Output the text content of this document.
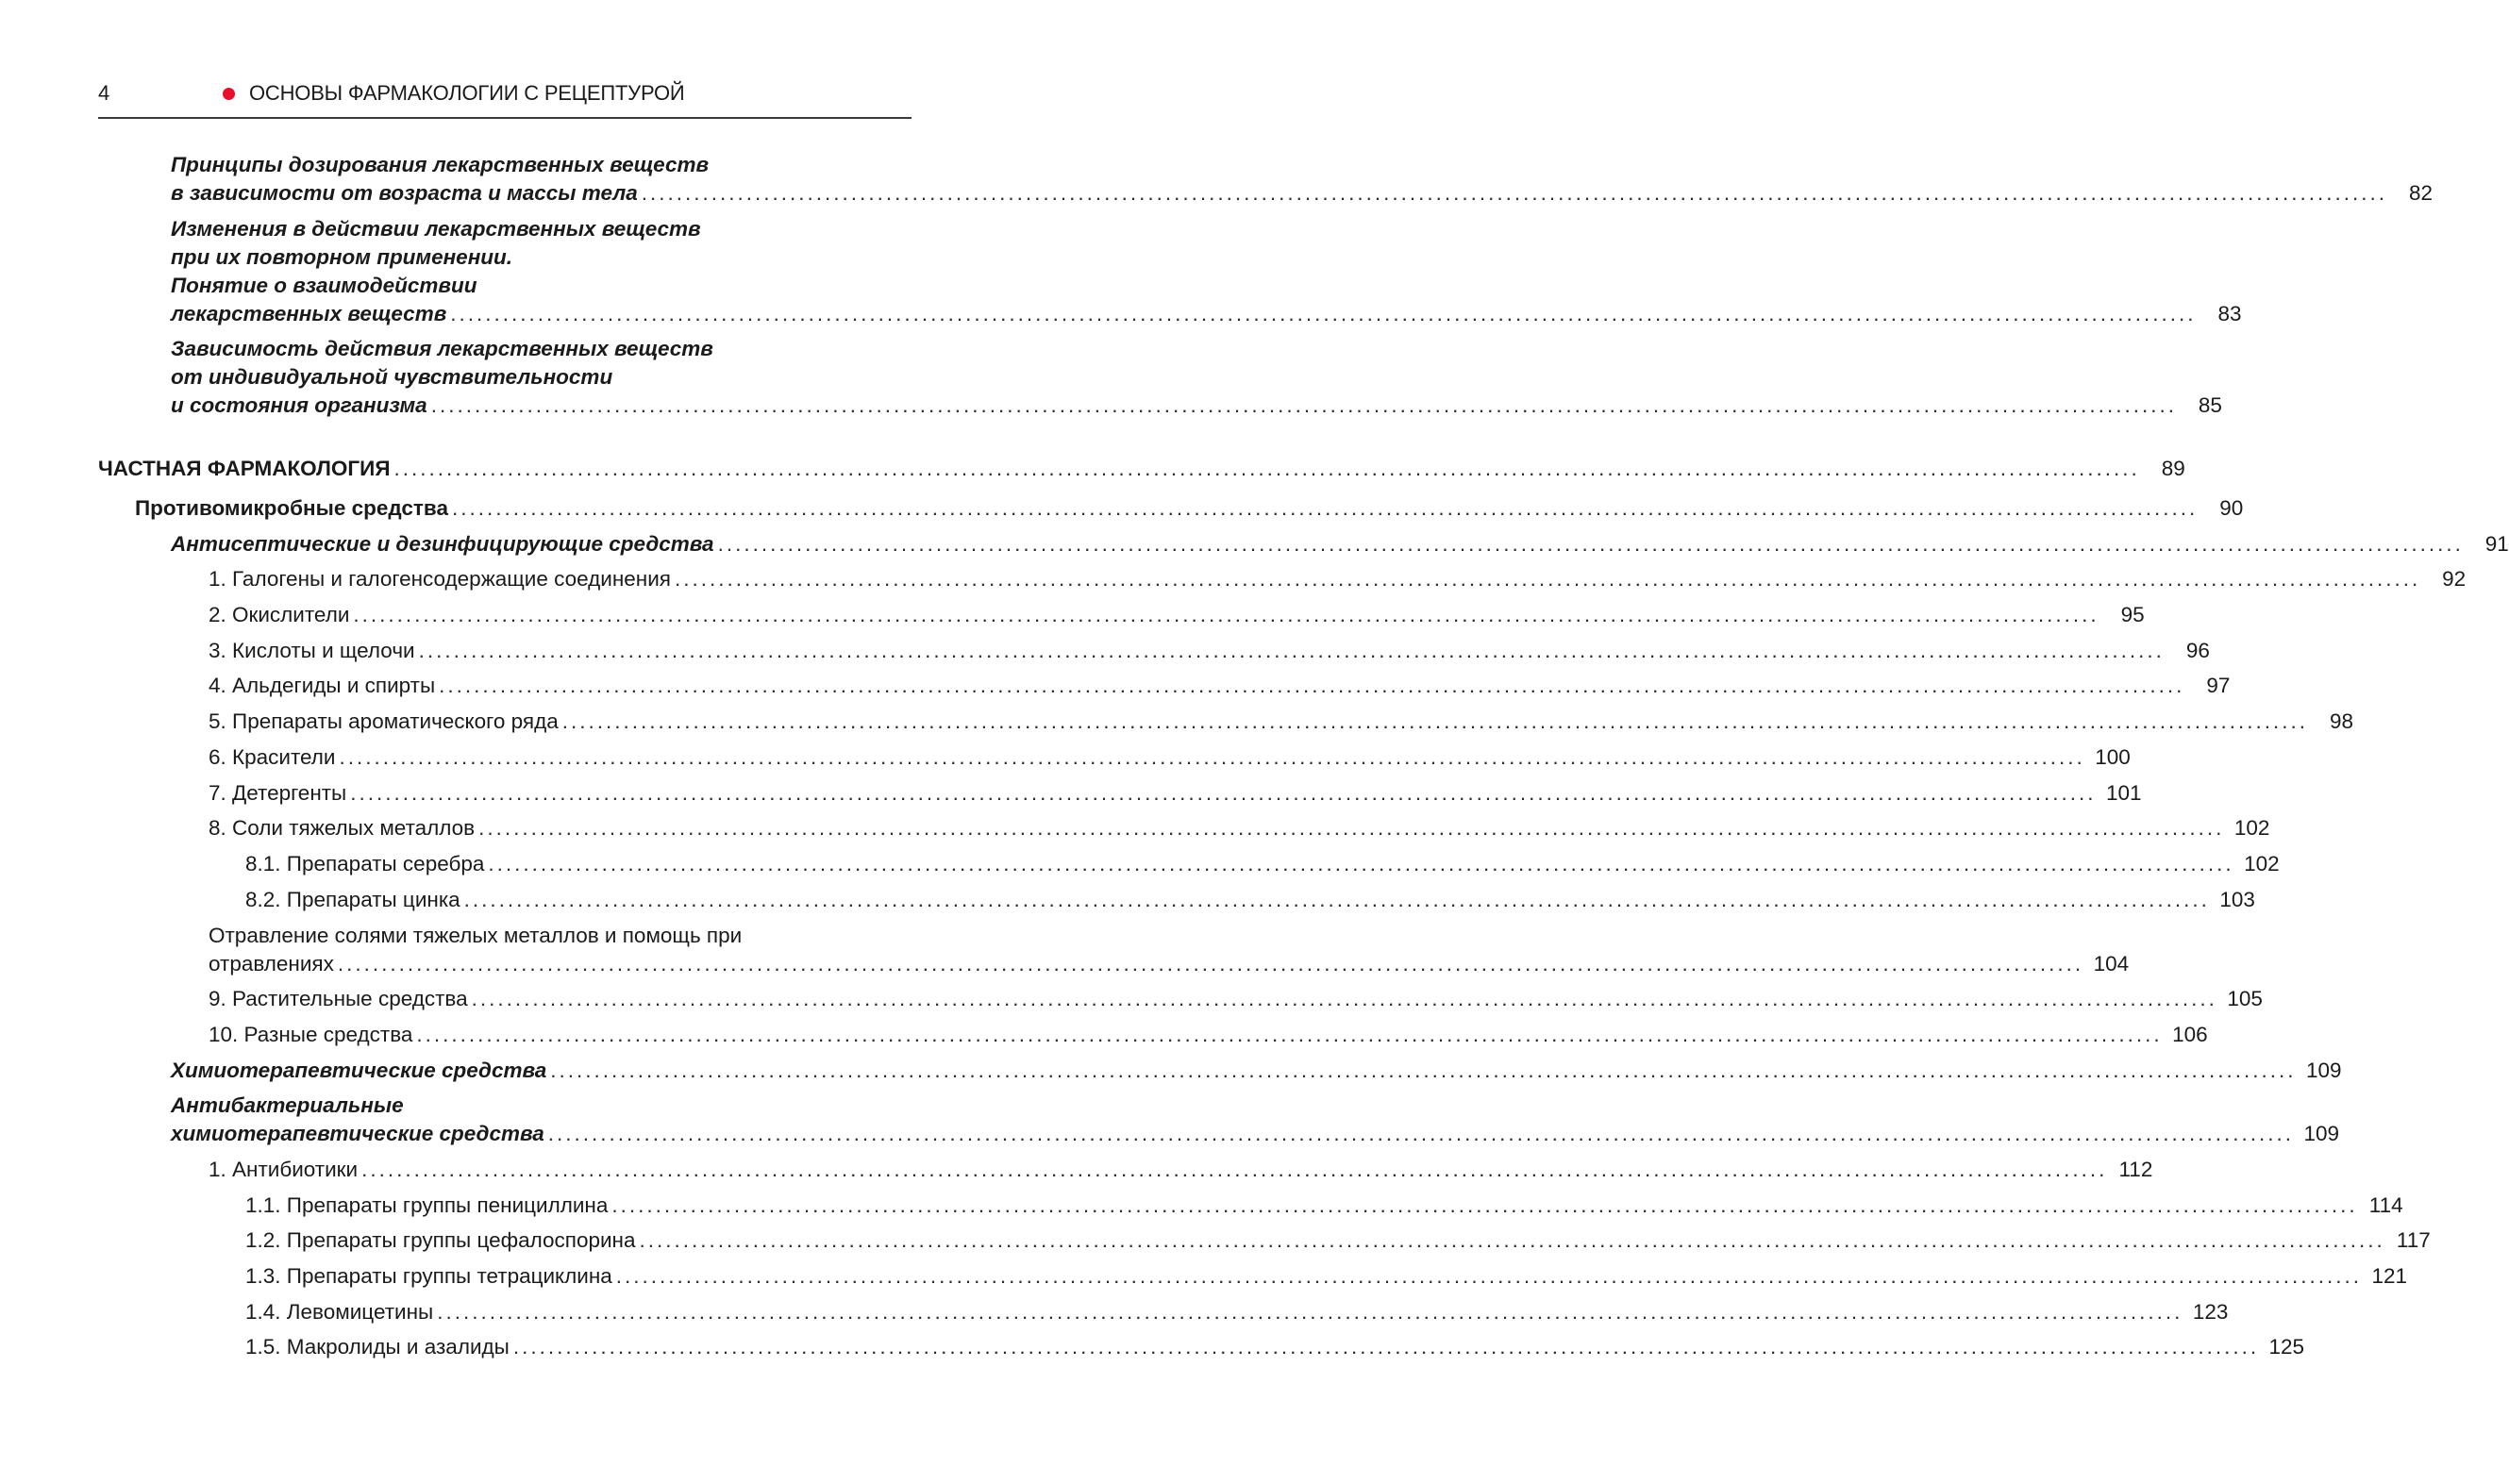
4	ОСНОВЫ ФАРМАКОЛОГИИ С РЕЦЕПТУРОЙ
Принципы дозирования лекарственных веществ
в зависимости от возраста и массы тела ........................................................................................................................................................................................................	82
Изменения в действии лекарственных веществ
при их повторном применении.
Понятие о взаимодействии
лекарственных веществ ........................................................................................................................................................................................................	83
Зависимость действия лекарственных веществ
от индивидуальной чувствительности
и состояния организма ........................................................................................................................................................................................................	85
ЧАСТНАЯ ФАРМАКОЛОГИЯ ........................................................................................................................................................................................................	89
Противомикробные средства ........................................................................................................................................................................................................	90
Антисептические и дезинфицирующие средства ........................................................................................................................................................................................................	91
1. Галогены и галогенсодержащие соединения ........................................................................................................................................................................................................	92
2. Окислители ........................................................................................................................................................................................................	95
3. Кислоты и щелочи ........................................................................................................................................................................................................	96
4. Альдегиды и спирты ........................................................................................................................................................................................................	97
5. Препараты ароматического ряда ........................................................................................................................................................................................................	98
6. Красители ........................................................................................................................................................................................................ 100
7. Детергенты ........................................................................................................................................................................................................ 101
8. Соли тяжелых металлов ........................................................................................................................................................................................................ 102
8.1. Препараты серебра ........................................................................................................................................................................................................ 102
8.2. Препараты цинка ........................................................................................................................................................................................................ 103
Отравление солями тяжелых металлов и помощь при
отравлениях ........................................................................................................................................................................................................ 104
9. Растительные средства ........................................................................................................................................................................................................ 105
10. Разные средства ........................................................................................................................................................................................................ 106
Химиотерапевтические средства ........................................................................................................................................................................................................ 109
Антибактериальные
химиотерапевтические средства ........................................................................................................................................................................................................ 109
1. Антибиотики ........................................................................................................................................................................................................ 112
1.1. Препараты группы пенициллина ........................................................................................................................................................................................................ 114
1.2. Препараты группы цефалоспорина ........................................................................................................................................................................................................ 117
1.3. Препараты группы тетрациклина ........................................................................................................................................................................................................ 121
1.4. Левомицетины ........................................................................................................................................................................................................ 123
1.5. Макролиды и азалиды ........................................................................................................................................................................................................ 125
